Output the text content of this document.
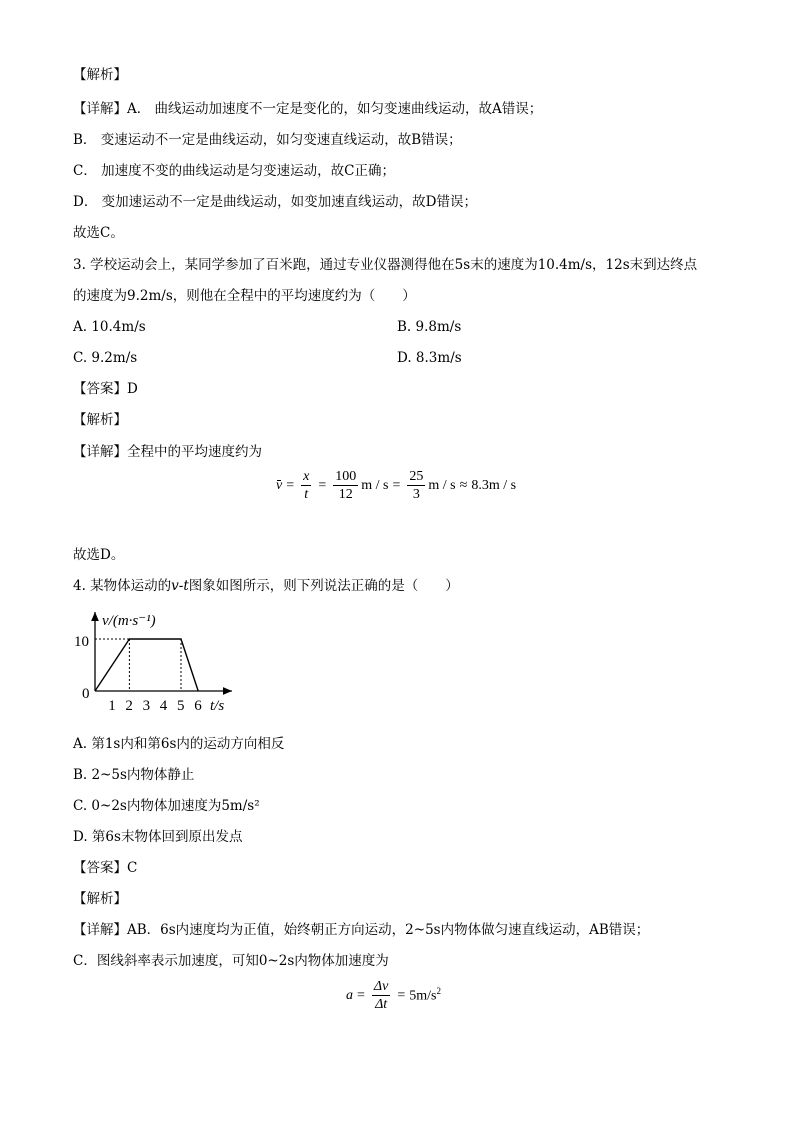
【解析】
【详解】A． 曲线运动加速度不一定是变化的，如匀变速曲线运动，故A错误；
B． 变速运动不一定是曲线运动，如匀变速直线运动，故B错误；
C． 加速度不变的曲线运动是匀变速运动，故C正确；
D． 变加速运动不一定是曲线运动，如变加速直线运动，故D错误；
故选C。
3. 学校运动会上，某同学参加了百米跑，通过专业仪器测得他在5s末的速度为10.4m/s，12s末到达终点
的速度为9.2m/s，则他在全程中的平均速度约为（　　）
A. 10.4m/s	B. 9.8m/s
C. 9.2m/s	D. 8.3m/s
【答案】D
【解析】
【详解】全程中的平均速度约为
$v = \frac{x}{t} = \frac{100}{12}$ $m / s = \frac{25}{3}$ m / s ≈ 8.3m / s
故选D。
4. 某物体运动的v-t图象如图所示，则下列说法正确的是（　　）
v/(m·s⁻¹)
t/s
0
10
1 2 3 4 5 6
A. 第1s内和第6s内的运动方向相反
B. 2~5s内物体静止
C. 0~2s内物体加速度为5m/s²
D. 第6s末物体回到原出发点
【答案】C
【解析】
【详解】AB．6s内速度均为正值，始终朝正方向运动，2~5s内物体做匀速直线运动，AB错误；
C．图线斜率表示加速度，可知0~2s内物体加速度为
$a = \frac{\Delta v}{\Delta t} = 5m/s^2$
